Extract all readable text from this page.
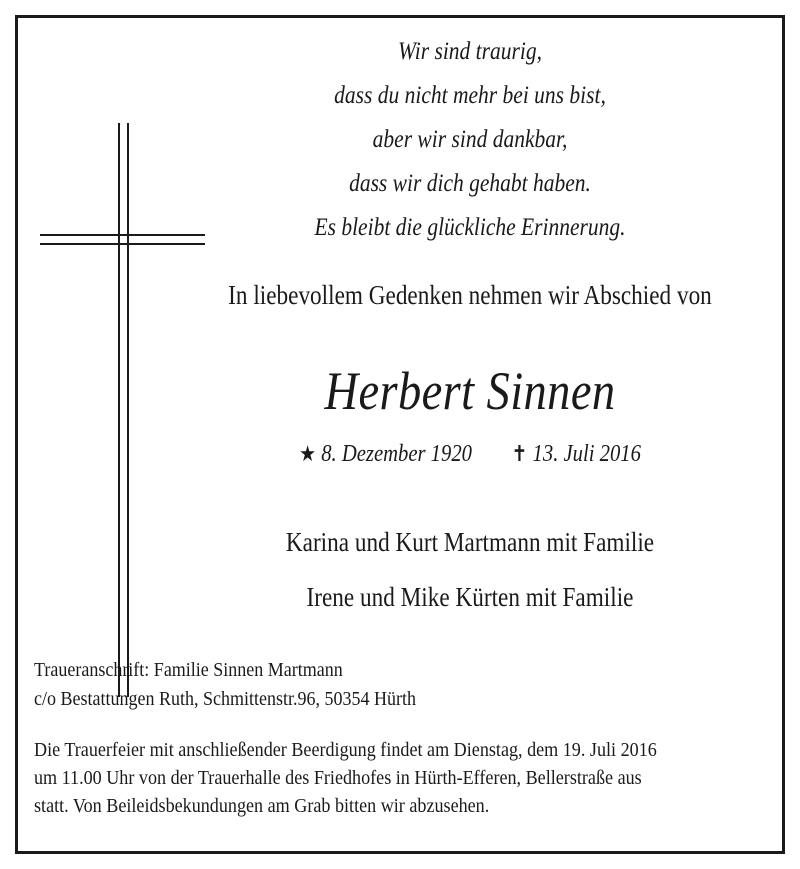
Wir sind traurig,
dass du nicht mehr bei uns bist,
aber wir sind dankbar,
dass wir dich gehabt haben.
Es bleibt die glückliche Erinnerung.
In liebevollem Gedenken nehmen wir Abschied von
Herbert Sinnen
★ 8. Dezember 1920 ✝ 13. Juli 2016
Karina und Kurt Martmann mit Familie
Irene und Mike Kürten mit Familie
Traueranschrift: Familie Sinnen Martmann
c/o Bestattungen Ruth, Schmittenstr.96, 50354 Hürth
Die Trauerfeier mit anschließender Beerdigung findet am Dienstag, dem 19. Juli 2016
um 11.00 Uhr von der Trauerhalle des Friedhofes in Hürth-Efferen, Bellerstraße aus
statt. Von Beileidsbekundungen am Grab bitten wir abzusehen.
